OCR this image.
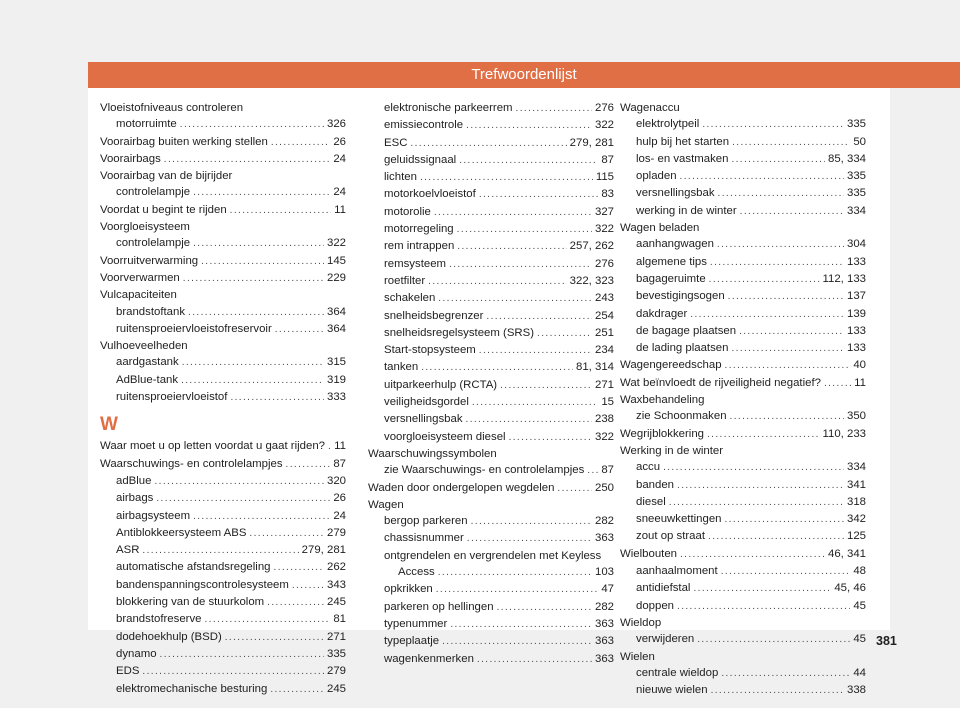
Trefwoordenlijst
Vloeistofniveaus controleren
motorruimte .....	326
Voorairbag buiten werking stellen .....	26
Voorairbags .....	24
Voorairbag van de bijrijder
controlelampje .....	24
Voordat u begint te rijden .....	11
Voorgloeisysteem
controlelampje .....	322
Voorruitverwarming .....	145
Voorverwarmen .....	229
Vulcapaciteiten
brandstoftank .....	364
ruitensproeiervloeistofreservoir .....	364
Vulhoeveelheden
aardgastank .....	315
AdBlue-tank .....	319
ruitensproeiervloeistof .....	333
W
Waar moet u op letten voordat u gaat rijden? ..... 11
Waarschuwings- en controlelampjes .....	87
adBlue .....	320
airbags .....	26
airbagsysteem .....	24
Antiblokkeersysteem ABS .....	279
ASR .....	279, 281
automatische afstandsregeling .....	262
bandenspanningscontrolesysteem .....	343
blokkering van de stuurkolom .....	245
brandstofreserve .....	81
dodehoekhulp (BSD) .....	271
dynamo .....	335
EDS .....	279
elektromechanische besturing .....	245
elektronische parkeerrem .....	276
emissiecontrole .....	322
ESC .....	279, 281
geluidssignaal .....	87
lichten .....	115
motorkoelvloeistof .....	83
motorolie .....	327
motorregeling .....	322
rem intrappen .....	257, 262
remsysteem .....	276
roetfilter .....	322, 323
schakelen .....	243
snelheidsbegrenzer .....	254
snelheidsregelsysteem (SRS) .....	251
Start-stopsysteem .....	234
tanken .....	81, 314
uitparkeerhulp (RCTA) .....	271
veiligheidsgordel .....	15
versnellingsbak .....	238
voorgloeisysteem diesel .....	322
Waarschuwingssymbolen
zie Waarschuwings- en controlelampjes ..... 87
Waden door ondergelopen wegdelen .....	250
Wagen
bergop parkeren .....	282
chassisnummer .....	363
ontgrendelen en vergrendelen met Keyless
Access .....	103
opkrikken .....	47
parkeren op hellingen .....	282
typenummer .....	363
typeplaatje .....	363
wagenkenmerken .....	363
Wagenaccu
elektrolytpeil .....	335
hulp bij het starten .....	50
los- en vastmaken .....	85, 334
opladen .....	335
versnellingsbak .....	335
werking in de winter .....	334
Wagen beladen
aanhangwagen .....	304
algemene tips .....	133
bagageruimte .....	112, 133
bevestigingsogen .....	137
dakdrager .....	139
de bagage plaatsen .....	133
de lading plaatsen .....	133
Wagengereedschap .....	40
Wat beïnvloedt de rijveiligheid negatief? .....	11
Waxbehandeling
zie Schoonmaken .....	350
Wegrijblokkering .....	110, 233
Werking in de winter
accu .....	334
banden .....	341
diesel .....	318
sneeuwkettingen .....	342
zout op straat .....	125
Wielbouten .....	46, 341
aanhaalmoment .....	48
antidiefstal .....	45, 46
doppen .....	45
Wieldop
verwijderen .....	45
Wielen
centrale wieldop .....	44
nieuwe wielen .....	338
381
